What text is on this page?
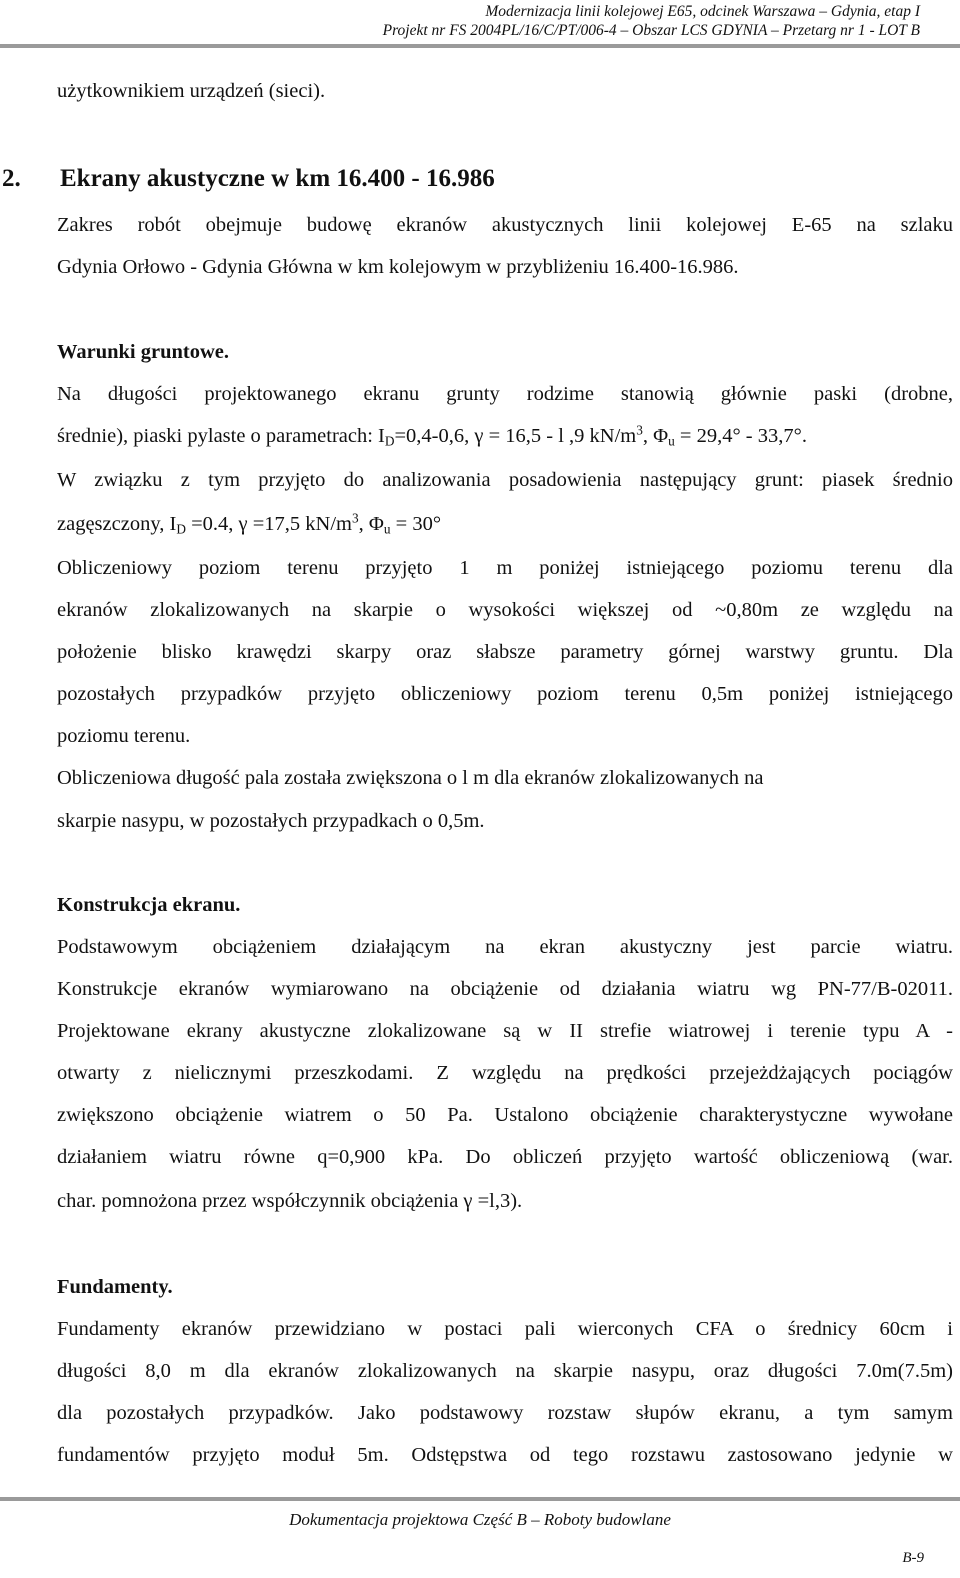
Modernizacja linii kolejowej E65, odcinek Warszawa – Gdynia, etap I
Projekt nr FS 2004PL/16/C/PT/006-4 – Obszar LCS GDYNIA – Przetarg nr 1 - LOT B
użytkownikiem urządzeń (sieci).
2. Ekrany akustyczne w km 16.400 - 16.986
Zakres robót obejmuje budowę ekranów akustycznych linii kolejowej E-65 na szlaku
Gdynia Orłowo - Gdynia Główna w km kolejowym w przybliżeniu 16.400-16.986.
Warunki gruntowe.
Na długości projektowanego ekranu grunty rodzime stanowią głównie paski (drobne,
średnie), piaski pylaste o parametrach: $I_D=0,4-0,6$, γ = 16,5 - l ,9 $kN/m^3$, $\Phi_u = 29,4^\circ - 33,7^\circ$.
W związku z tym przyjęto do analizowania posadowienia następujący grunt: piasek średnio
zagęszczony, $I_D =0.4$, γ =17,5 $kN/m^3$, $\Phi_u = 30^\circ$
Obliczeniowy poziom terenu przyjęto 1 m poniżej istniejącego poziomu terenu dla
ekranów zlokalizowanych na skarpie o wysokości większej od ~0,80m ze względu na
położenie blisko krawędzi skarpy oraz słabsze parametry górnej warstwy gruntu. Dla
pozostałych przypadków przyjęto obliczeniowy poziom terenu 0,5m poniżej istniejącego
poziomu terenu.
Obliczeniowa długość pala została zwiększona o l m dla ekranów zlokalizowanych na
skarpie nasypu, w pozostałych przypadkach o 0,5m.
Konstrukcja ekranu.
Podstawowym obciążeniem działającym na ekran akustyczny jest parcie wiatru.
Konstrukcje ekranów wymiarowano na obciążenie od działania wiatru wg PN-77/B-02011.
Projektowane ekrany akustyczne zlokalizowane są w II strefie wiatrowej i terenie typu A -
otwarty z nielicznymi przeszkodami. Z względu na prędkości przejeżdżających pociągów
zwiększono obciążenie wiatrem o 50 Pa. Ustalono obciążenie charakterystyczne wywołane
działaniem wiatru równe q=0,900 kPa. Do obliczeń przyjęto wartość obliczeniową (war.
char. pomnożona przez współczynnik obciążenia γ =l,3).
Fundamenty.
Fundamenty ekranów przewidziano w postaci pali wierconych CFA o średnicy 60cm i
długości 8,0 m dla ekranów zlokalizowanych na skarpie nasypu, oraz długości 7.0m(7.5m)
dla pozostałych przypadków. Jako podstawowy rozstaw słupów ekranu, a tym samym
fundamentów przyjęto moduł 5m. Odstępstwa od tego rozstawu zastosowano jedynie w
Dokumentacja projektowa Część B – Roboty budowlane
B-9
